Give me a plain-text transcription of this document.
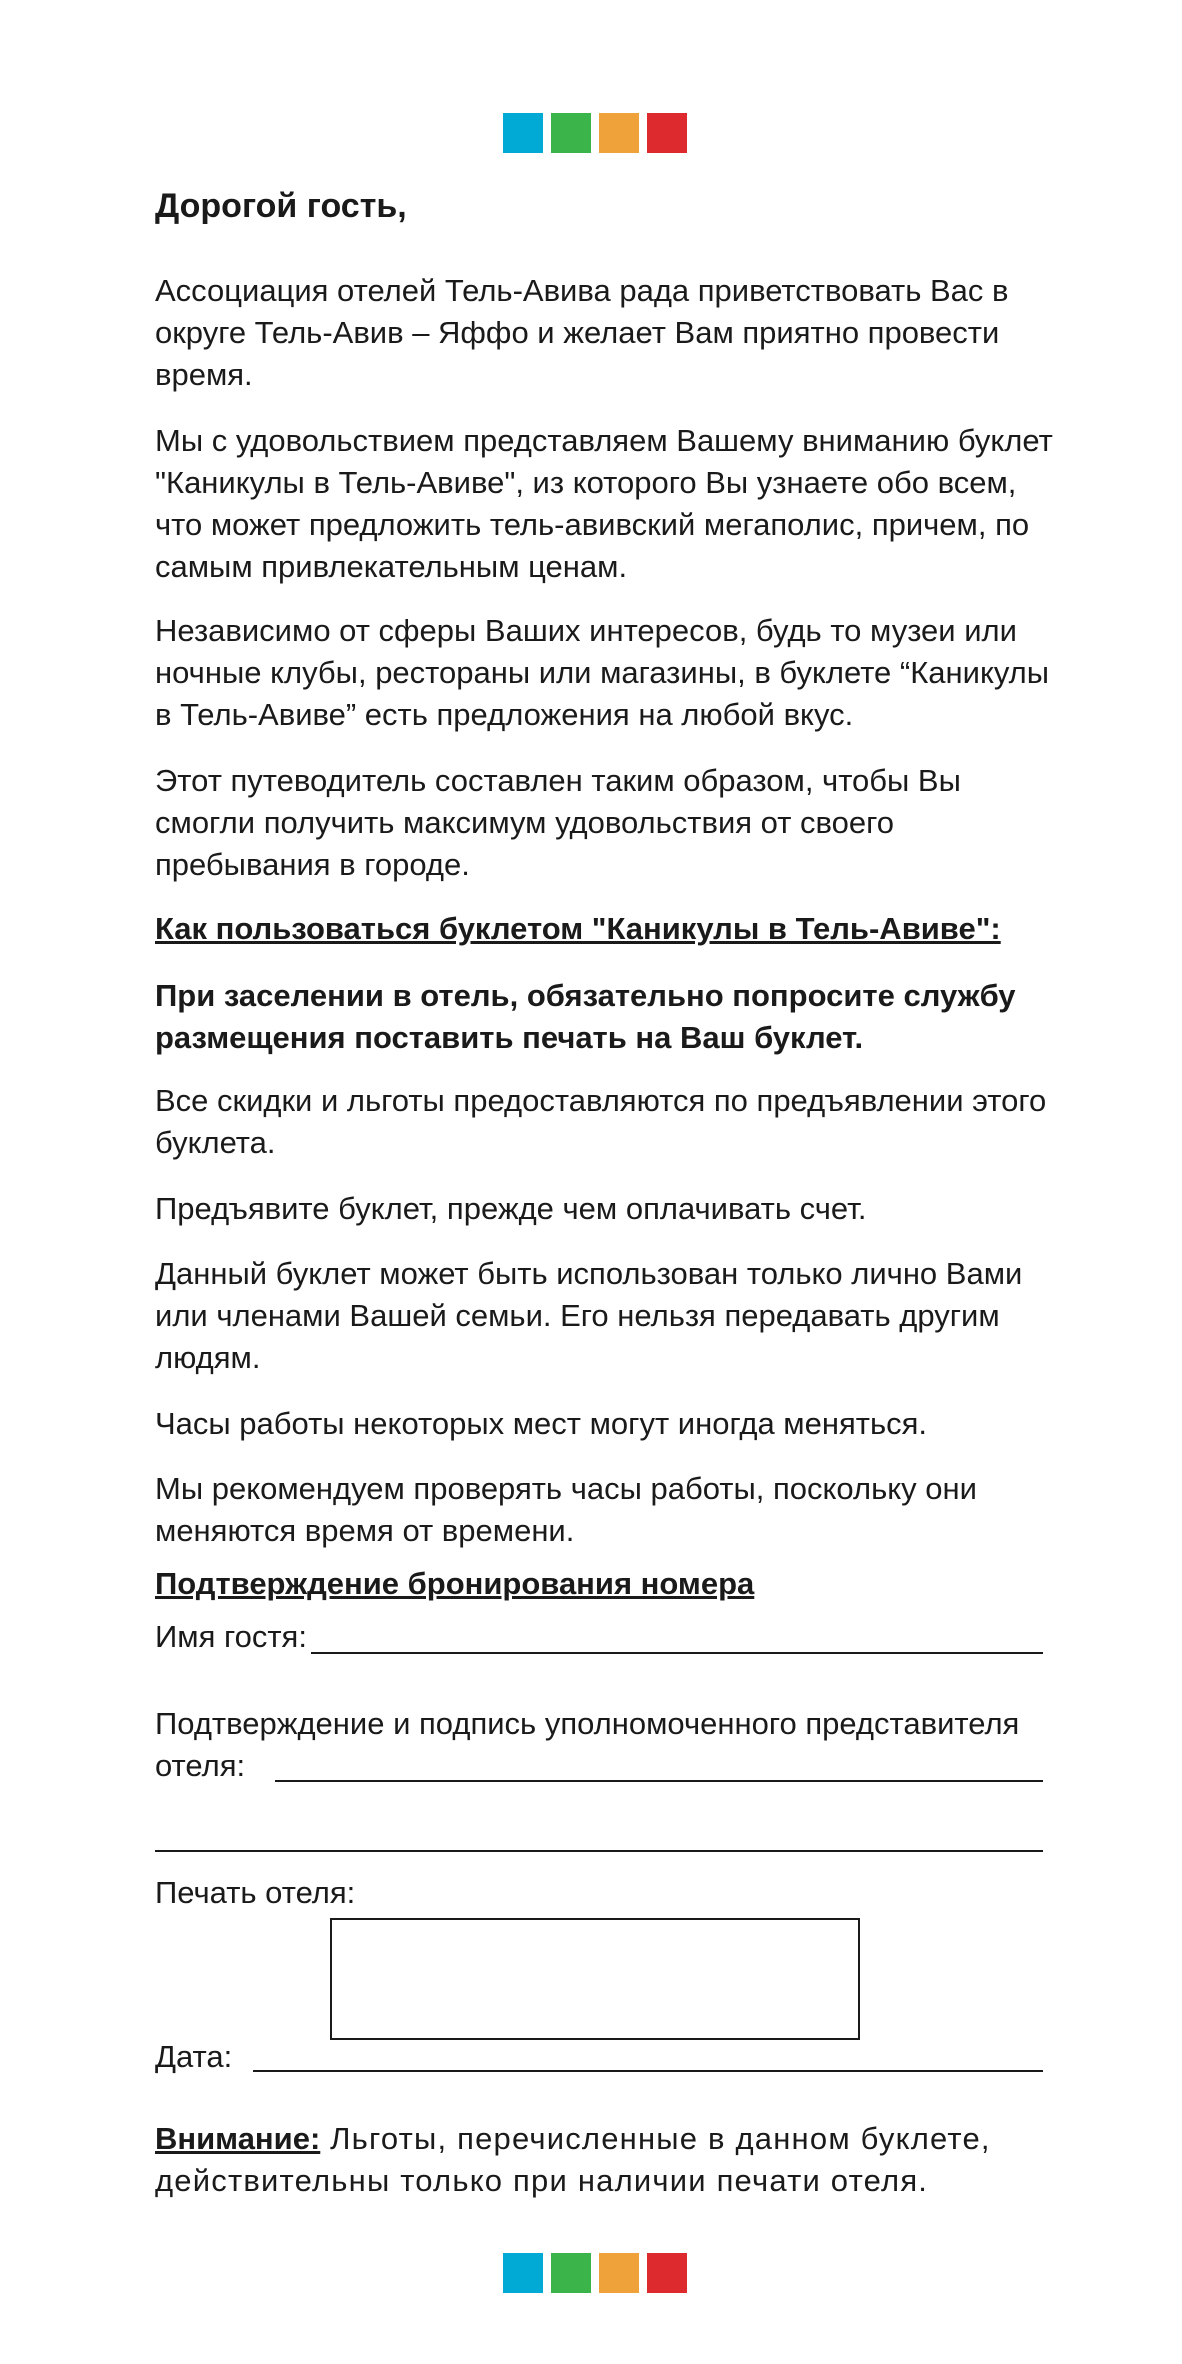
Дорогой гость,

Ассоциация отелей Тель-Авива рада приветствовать Вас в округе Тель-Авив – Яффо и желает Вам приятно провести время.

Мы с удовольствием представляем Вашему вниманию буклет "Каникулы в Тель-Авиве", из которого Вы узнаете обо всем, что может предложить тель-авивский мегаполис, причем, по самым привлекательным ценам.

Независимо от сферы Ваших интересов, будь то музеи или ночные клубы, рестораны или магазины, в буклете “Каникулы в Тель-Авиве” есть предложения на любой вкус.

Этот путеводитель составлен таким образом, чтобы Вы смогли получить максимум удовольствия от своего пребывания в городе.

Как пользоваться буклетом "Каникулы в Тель-Авиве":

При заселении в отель, обязательно попросите службу размещения поставить печать на Ваш буклет.

Все скидки и льготы предоставляются по предъявлении этого буклета.

Предъявите буклет, прежде чем оплачивать счет.

Данный буклет может быть использован только лично Вами или членами Вашей семьи. Его нельзя передавать другим людям.

Часы работы некоторых мест могут иногда меняться.

Мы рекомендуем проверять часы работы, поскольку они меняются время от времени.

Подтверждение бронирования номера
Имя гостя:
Подтверждение и подпись уполномоченного представителя
отеля:
Печать отеля:
Дата:

Внимание: Льготы, перечисленные в данном буклете, действительны только при наличии печати отеля.
